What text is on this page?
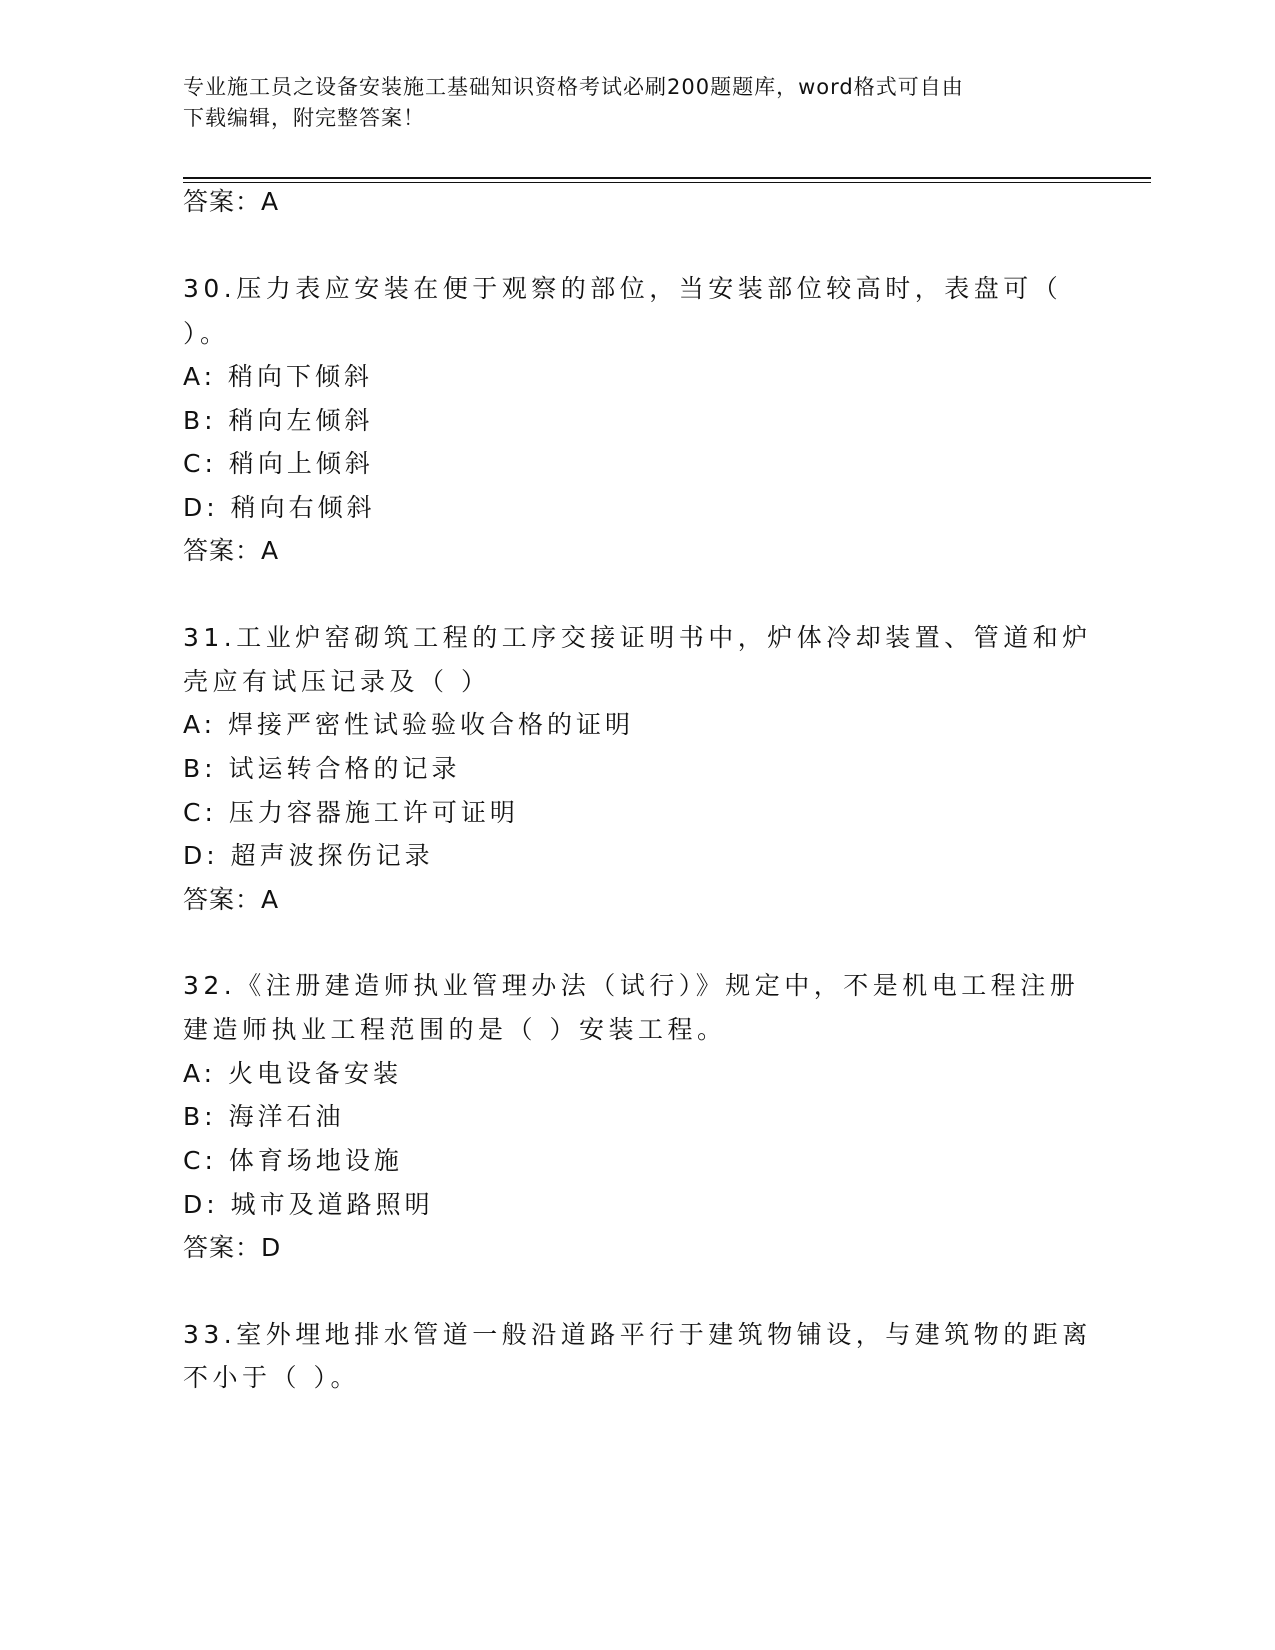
专业施工员之设备安装施工基础知识资格考试必刷200题题库，word格式可自由
下载编辑，附完整答案！
答案：A
30.压力表应安装在便于观察的部位，当安装部位较高时，表盘可（
）。
A: 稍向下倾斜
B: 稍向左倾斜
C: 稍向上倾斜
D: 稍向右倾斜
答案：A
31.工业炉窑砌筑工程的工序交接证明书中，炉体冷却装置、管道和炉
壳应有试压记录及（ ）
A: 焊接严密性试验验收合格的证明
B: 试运转合格的记录
C: 压力容器施工许可证明
D: 超声波探伤记录
答案：A
32.《注册建造师执业管理办法（试行）》规定中，不是机电工程注册
建造师执业工程范围的是（ ）安装工程。
A: 火电设备安装
B: 海洋石油
C: 体育场地设施
D: 城市及道路照明
答案：D
33.室外埋地排水管道一般沿道路平行于建筑物铺设，与建筑物的距离
不小于（ ）。
